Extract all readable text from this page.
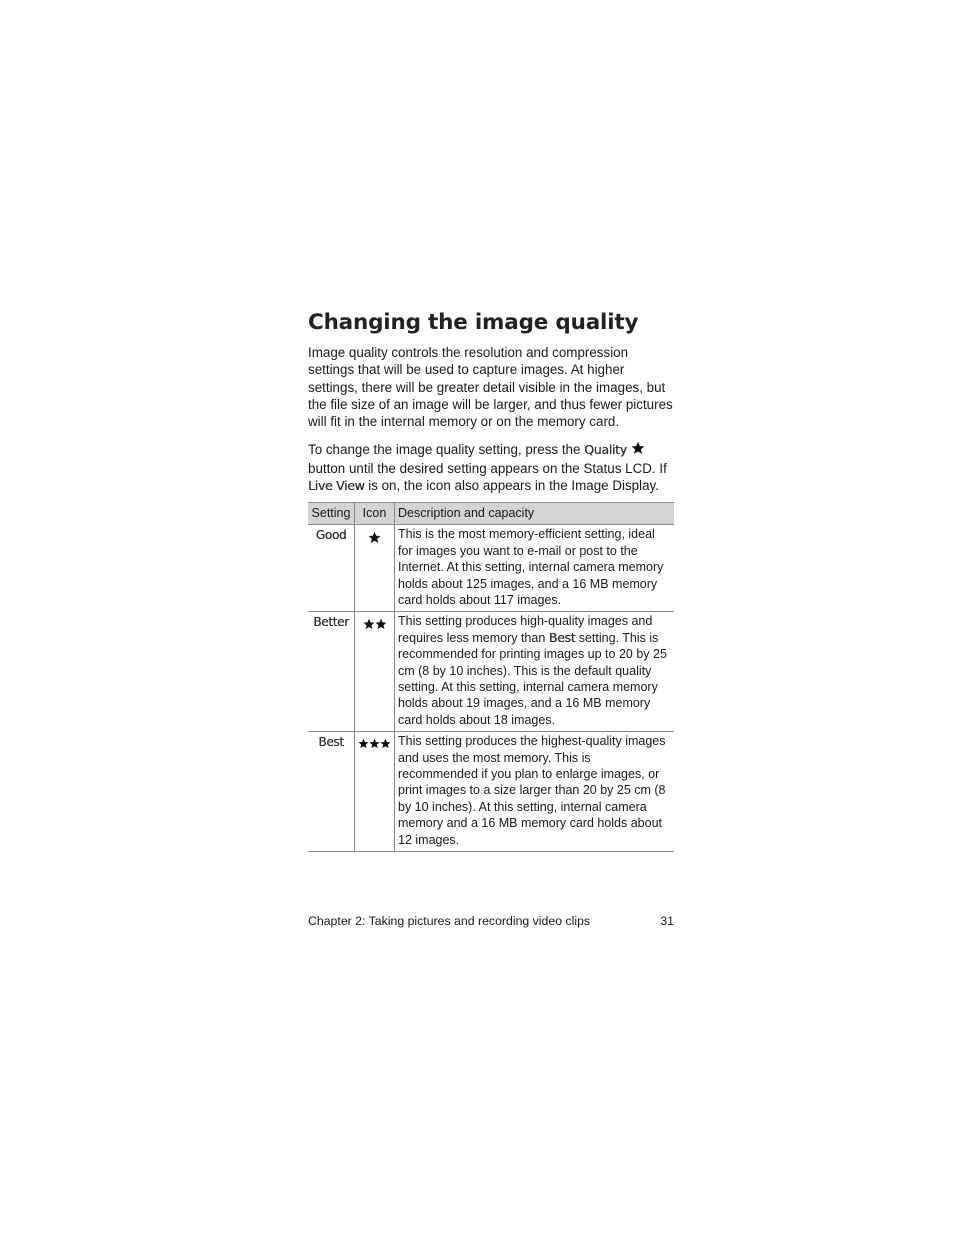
Changing the image quality

Image quality controls the resolution and compression settings that will be used to capture images. At higher settings, there will be greater detail visible in the images, but the file size of an image will be larger, and thus fewer pictures will fit in the internal memory or on the memory card.

To change the image quality setting, press the Quality button until the desired setting appears on the Status LCD. If Live View is on, the icon also appears in the Image Display.

Setting	Icon	Description and capacity
Good		This is the most memory-efficient setting, ideal for images you want to e-mail or post to the Internet. At this setting, internal camera memory holds about 125 images, and a 16 MB memory card holds about 117 images.
Better		This setting produces high-quality images and requires less memory than Best setting. This is recommended for printing images up to 20 by 25 cm (8 by 10 inches). This is the default quality setting. At this setting, internal camera memory holds about 19 images, and a 16 MB memory card holds about 18 images.
Best		This setting produces the highest-quality images and uses the most memory. This is recommended if you plan to enlarge images, or print images to a size larger than 20 by 25 cm (8 by 10 inches). At this setting, internal camera memory and a 16 MB memory card holds about 12 images.
Chapter 2: Taking pictures and recording video clips	31
